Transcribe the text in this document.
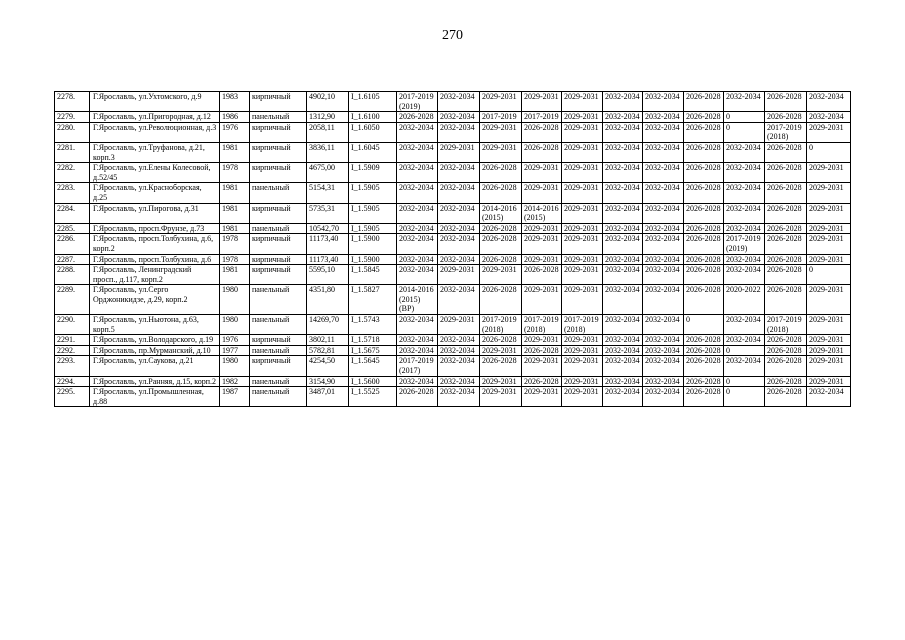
270
2278.	Г.Ярославль, ул.Ухтомского, д.9	1983	кирпичный	4902,10	I_1.6105	2017-2019 (2019)	2032-2034	2029-2031	2029-2031	2029-2031	2032-2034	2032-2034	2026-2028	2032-2034	2026-2028	2032-2034
2279.	Г.Ярославль, ул.Пригородная, д.12	1986	панельный	1312,90	I_1.6100	2026-2028	2032-2034	2017-2019	2017-2019	2029-2031	2032-2034	2032-2034	2026-2028	0	2026-2028	2032-2034
2280.	Г.Ярославль, ул.Революционная, д.3	1976	кирпичный	2058,11	I_1.6050	2032-2034	2032-2034	2029-2031	2026-2028	2029-2031	2032-2034	2032-2034	2026-2028	0	2017-2019 (2018)	2029-2031
2281.	Г.Ярославль, ул.Труфанова, д.21, корп.3	1981	кирпичный	3836,11	I_1.6045	2032-2034	2029-2031	2029-2031	2026-2028	2029-2031	2032-2034	2032-2034	2026-2028	2032-2034	2026-2028	0
2282.	Г.Ярославль, ул.Елены Колесовой, д.52/45	1978	кирпичный	4675,00	I_1.5909	2032-2034	2032-2034	2026-2028	2029-2031	2029-2031	2032-2034	2032-2034	2026-2028	2032-2034	2026-2028	2029-2031
2283.	Г.Ярославль, ул.Красноборская, д.25	1981	панельный	5154,31	I_1.5905	2032-2034	2032-2034	2026-2028	2029-2031	2029-2031	2032-2034	2032-2034	2026-2028	2032-2034	2026-2028	2029-2031
2284.	Г.Ярославль, ул.Пирогова, д.31	1981	кирпичный	5735,31	I_1.5905	2032-2034	2032-2034	2014-2016 (2015)	2014-2016 (2015)	2029-2031	2032-2034	2032-2034	2026-2028	2032-2034	2026-2028	2029-2031
2285.	Г.Ярославль, просп.Фрунзе, д.73	1981	панельный	10542,70	I_1.5905	2032-2034	2032-2034	2026-2028	2029-2031	2029-2031	2032-2034	2032-2034	2026-2028	2032-2034	2026-2028	2029-2031
2286.	Г.Ярославль, просп.Толбухина, д.6, корп.2	1978	кирпичный	11173,40	I_1.5900	2032-2034	2032-2034	2026-2028	2029-2031	2029-2031	2032-2034	2032-2034	2026-2028	2017-2019 (2019)	2026-2028	2029-2031
2287.	Г.Ярославль, просп.Толбухина, д.6	1978	кирпичный	11173,40	I_1.5900	2032-2034	2032-2034	2026-2028	2029-2031	2029-2031	2032-2034	2032-2034	2026-2028	2032-2034	2026-2028	2029-2031
2288.	Г.Ярославль, Ленинградский просп., д.117, корп.2	1981	кирпичный	5595,10	I_1.5845	2032-2034	2029-2031	2029-2031	2026-2028	2029-2031	2032-2034	2032-2034	2026-2028	2032-2034	2026-2028	0
2289.	Г.Ярославль, ул.Серго Орджоникидзе, д.29, корп.2	1980	панельный	4351,80	I_1.5827	2014-2016 (2015) (ВР)	2032-2034	2026-2028	2029-2031	2029-2031	2032-2034	2032-2034	2026-2028	2020-2022	2026-2028	2029-2031
2290.	Г.Ярославль, ул.Ньютона, д.63, корп.5	1980	панельный	14269,70	I_1.5743	2032-2034	2029-2031	2017-2019 (2018)	2017-2019 (2018)	2017-2019 (2018)	2032-2034	2032-2034	0	2032-2034	2017-2019 (2018)	2029-2031
2291.	Г.Ярославль, ул.Володарского, д.19	1976	кирпичный	3802,11	I_1.5718	2032-2034	2032-2034	2026-2028	2029-2031	2029-2031	2032-2034	2032-2034	2026-2028	2032-2034	2026-2028	2029-2031
2292.	Г.Ярославль, пр.Мурманский, д.10	1977	панельный	5782,81	I_1.5675	2032-2034	2032-2034	2029-2031	2026-2028	2029-2031	2032-2034	2032-2034	2026-2028	0	2026-2028	2029-2031
2293.	Г.Ярославль, ул.Саукова, д.21	1980	кирпичный	4254,50	I_1.5645	2017-2019 (2017)	2032-2034	2026-2028	2029-2031	2029-2031	2032-2034	2032-2034	2026-2028	2032-2034	2026-2028	2029-2031
2294.	Г.Ярославль, ул.Ранняя, д.15, корп.2	1982	панельный	3154,90	I_1.5600	2032-2034	2032-2034	2029-2031	2026-2028	2029-2031	2032-2034	2032-2034	2026-2028	0	2026-2028	2029-2031
2295.	Г.Ярославль, ул.Промышленная, д.88	1987	панельный	3487,01	I_1.5525	2026-2028	2032-2034	2029-2031	2029-2031	2029-2031	2032-2034	2032-2034	2026-2028	0	2026-2028	2032-2034
